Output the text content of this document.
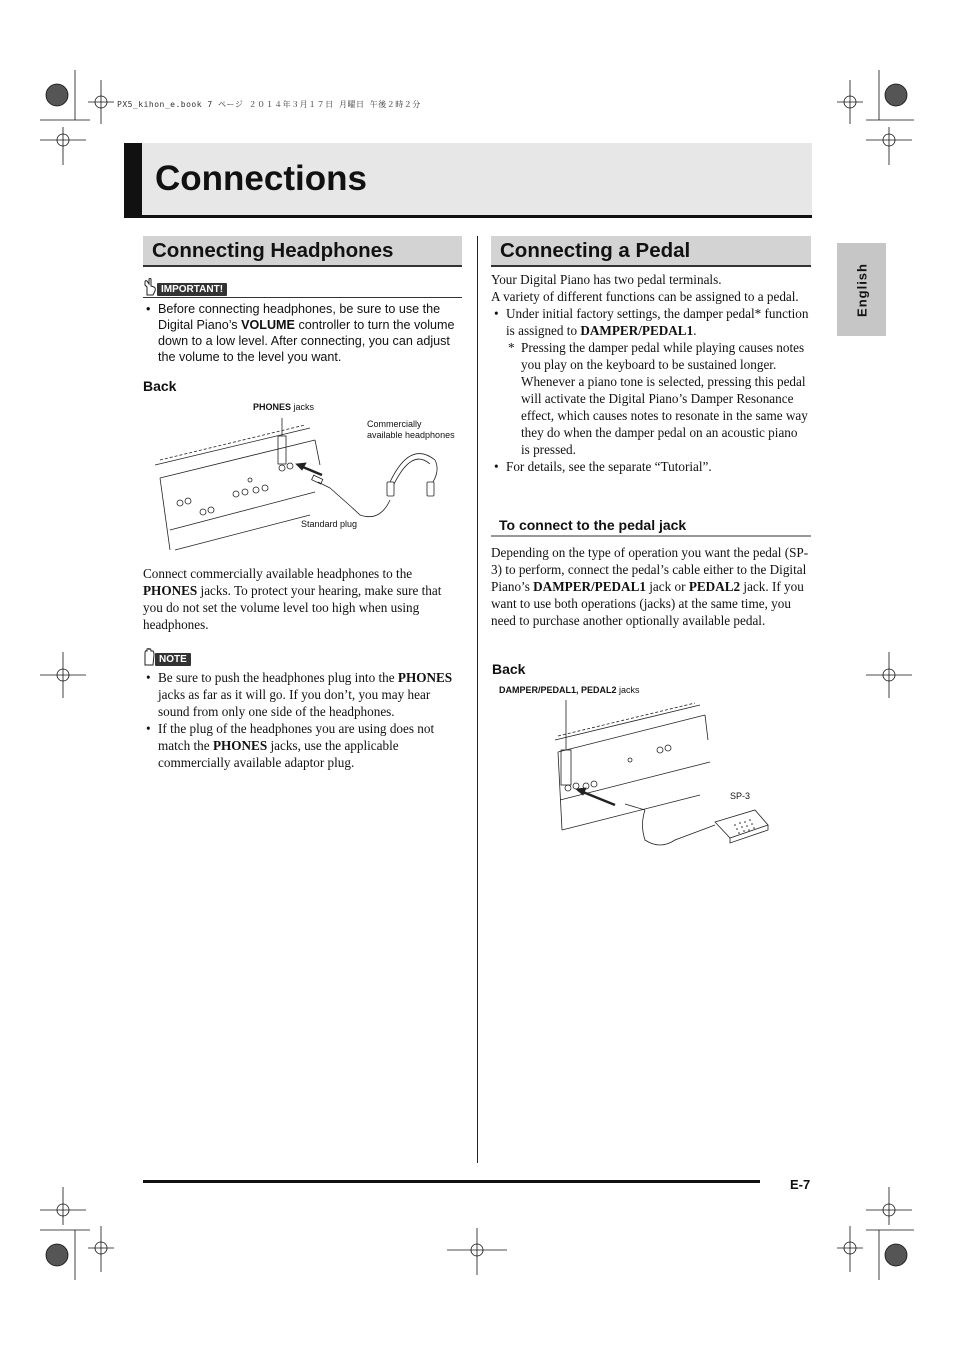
PX5_kihon_e.book 7 ページ ２０１４年３月１７日 月曜日 午後２時２分
Connections
English
Connecting Headphones
IMPORTANT!
• Before connecting headphones, be sure to use the Digital Piano’s VOLUME controller to turn the volume down to a low level. After connecting, you can adjust the volume to the level you want.
Back
PHONES jacks
Commercially
available headphones
Standard plug
Connect commercially available headphones to the PHONES jacks. To protect your hearing, make sure that you do not set the volume level too high when using headphones.
NOTE
• Be sure to push the headphones plug into the PHONES jacks as far as it will go. If you don’t, you may hear sound from only one side of the headphones.
• If the plug of the headphones you are using does not match the PHONES jacks, use the applicable commercially available adaptor plug.
Connecting a Pedal
Your Digital Piano has two pedal terminals.
A variety of different functions can be assigned to a pedal.
• Under initial factory settings, the damper pedal* function is assigned to DAMPER/PEDAL1.
* Pressing the damper pedal while playing causes notes you play on the keyboard to be sustained longer.
Whenever a piano tone is selected, pressing this pedal will activate the Digital Piano’s Damper Resonance effect, which causes notes to resonate in the same way they do when the damper pedal on an acoustic piano is pressed.
• For details, see the separate “Tutorial”.
To connect to the pedal jack
Depending on the type of operation you want the pedal (SP-3) to perform, connect the pedal’s cable either to the Digital Piano’s DAMPER/PEDAL1 jack or PEDAL2 jack. If you want to use both operations (jacks) at the same time, you need to purchase another optionally available pedal.
Back
DAMPER/PEDAL1, PEDAL2 jacks
SP-3
E-7
